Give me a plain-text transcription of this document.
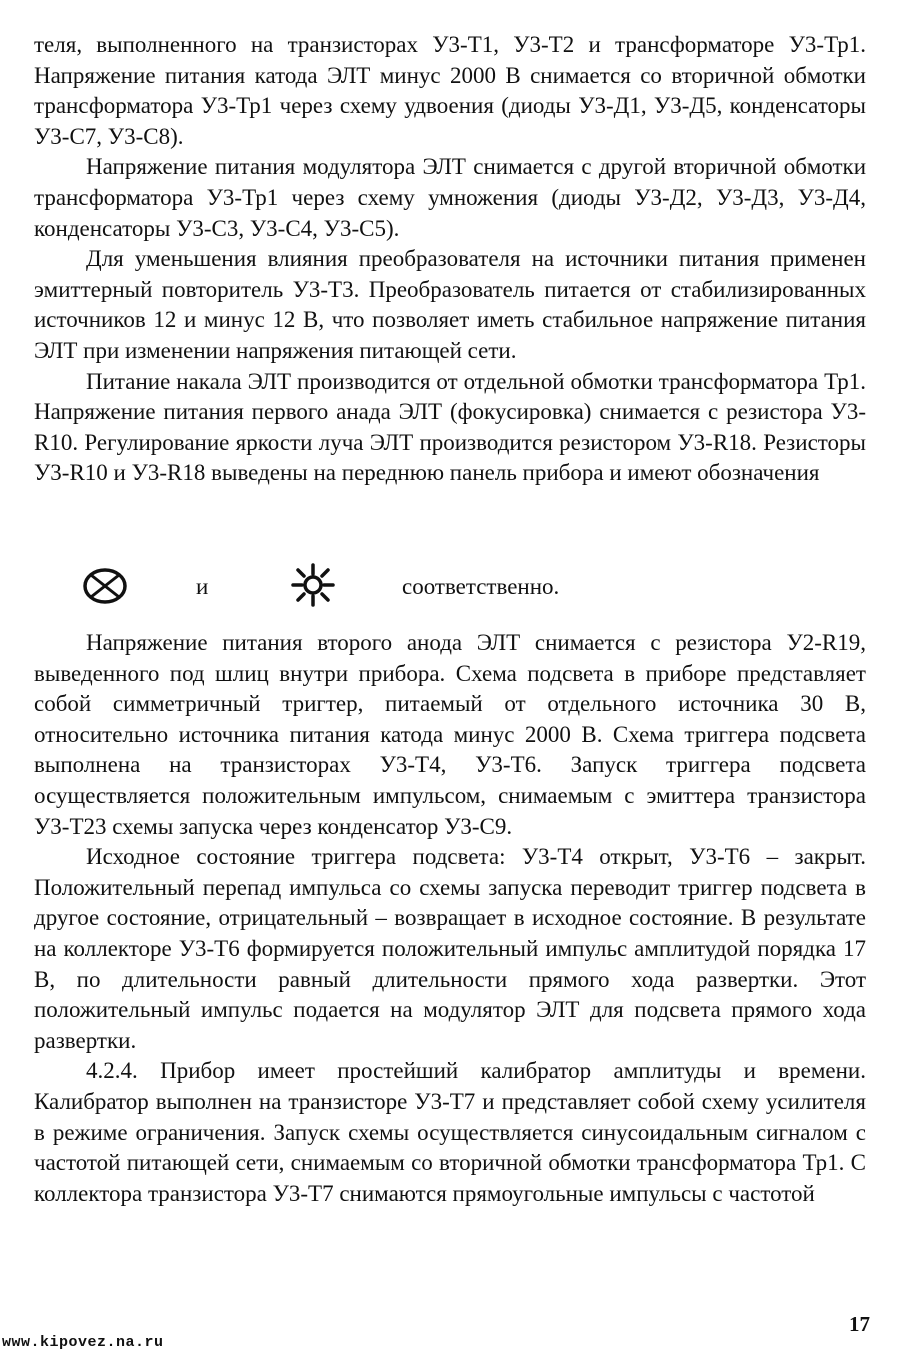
теля, выполненного на транзисторах У3-Т1, У3-Т2 и трансформаторе У3-Тр1. Напряжение питания катода ЭЛТ минус 2000 В снимается со вторичной обмотки трансформатора У3-Тр1 через схему удвоения (диоды У3-Д1, У3-Д5, конденсаторы У3-С7, У3-С8).

Напряжение питания модулятора ЭЛТ снимается с другой вторичной обмотки трансформатора У3-Тр1 через схему умножения (диоды У3-Д2, У3-Д3, У3-Д4, конденсаторы У3-С3, У3-С4, У3-С5).

Для уменьшения влияния преобразователя на источники питания применен эмиттерный повторитель У3-Т3. Преобразователь питается от стабилизированных источников 12 и минус 12 В, что позволяет иметь стабильное напряжение питания ЭЛТ при изменении напряжения питающей сети.

Питание накала ЭЛТ производится от отдельной обмотки трансформатора Тр1. Напряжение питания первого анада ЭЛТ (фокусировка) снимается с резистора У3-R10. Регулирование яркости луча ЭЛТ производится резистором У3-R18. Резисторы У3-R10 и У3-R18 выведены на переднюю панель прибора и имеют обозначения

и	соответственно.

Напряжение питания второго анода ЭЛТ снимается с резистора У2-R19, выведенного под шлиц внутри прибора. Схема подсвета в приборе представляет собой симметричный тригтер, питаемый от отдельного источника 30 В, относительно источника питания катода минус 2000 В. Схема триггера подсвета выполнена на транзисторах У3-Т4, У3-Т6. Запуск триггера подсвета осуществляется положительным импульсом, снимаемым с эмиттера транзистора У3-Т23 схемы запуска через конденсатор У3-С9.

Исходное состояние триггера подсвета: У3-Т4 открыт, У3-Т6 – закрыт. Положительный перепад импульса со схемы запуска переводит триггер подсвета в другое состояние, отрицательный – возвращает в исходное состояние. В результате на коллекторе У3-Т6 формируется положительный импульс амплитудой порядка 17 В, по длительности равный длительности прямого хода развертки. Этот положительный импульс подается на модулятор ЭЛТ для подсвета прямого хода развертки.

4.2.4. Прибор имеет простейший калибратор амплитуды и времени. Калибратор выполнен на транзисторе У3-Т7 и представляет собой схему усилителя в режиме ограничения. Запуск схемы осуществляется синусоидальным сигналом с частотой питающей сети, снимаемым со вторичной обмотки трансформатора Тр1. С коллектора транзистора У3-Т7 снимаются прямоугольные импульсы с частотой

17
www.kipovez.na.ru
